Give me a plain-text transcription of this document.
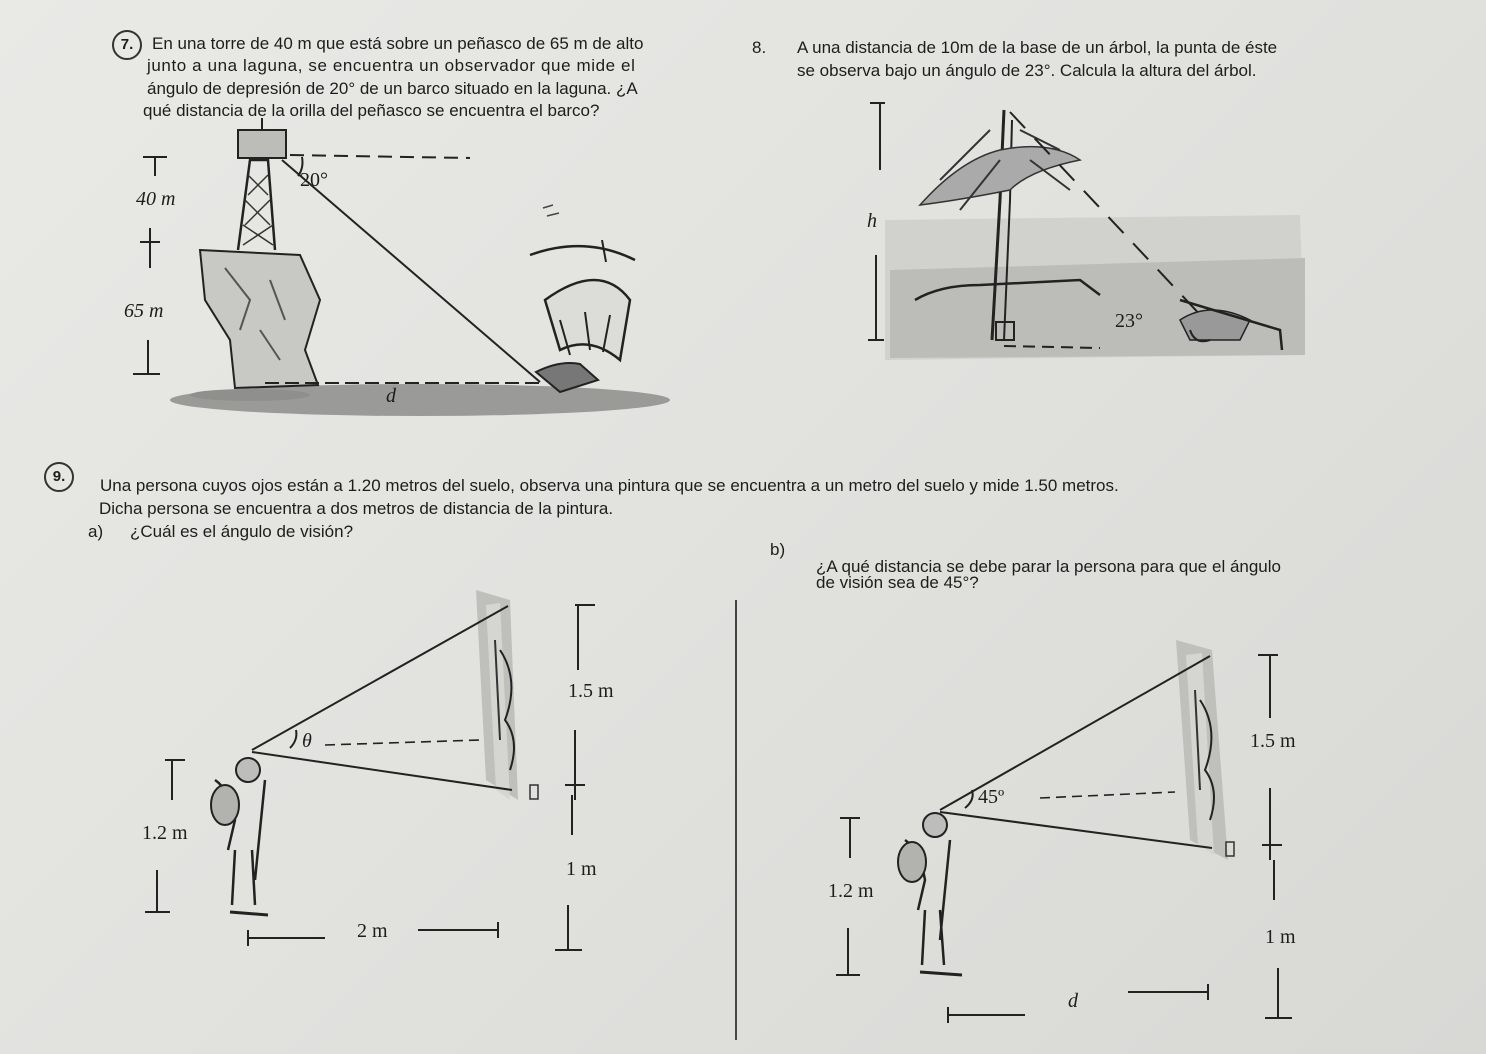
7.	En una torre de 40 m que está sobre un peñasco de 65 m de alto
junto a una laguna, se encuentra un observador que mide el
ángulo de depresión de 20° de un barco situado en la laguna. ¿A
qué distancia de la orilla del peñasco se encuentra el barco?
8. A una distancia de 10m de la base de un árbol, la punta de éste
se observa bajo un ángulo de 23°. Calcula la altura del árbol.
40 m
65 m
20°
d
h
23°
9.	Una persona cuyos ojos están a 1.20 metros del suelo, observa una pintura que se encuentra a un metro del suelo y mide 1.50 metros.
Dicha persona se encuentra a dos metros de distancia de la pintura.
a) ¿Cuál es el ángulo de visión?
b)
¿A qué distancia se debe parar la persona para que el ángulo
de visión sea de 45°?
1.5 m
1 m
1.2 m
2 m
θ	1.5 m
1 m
1.2 m
d
45º
